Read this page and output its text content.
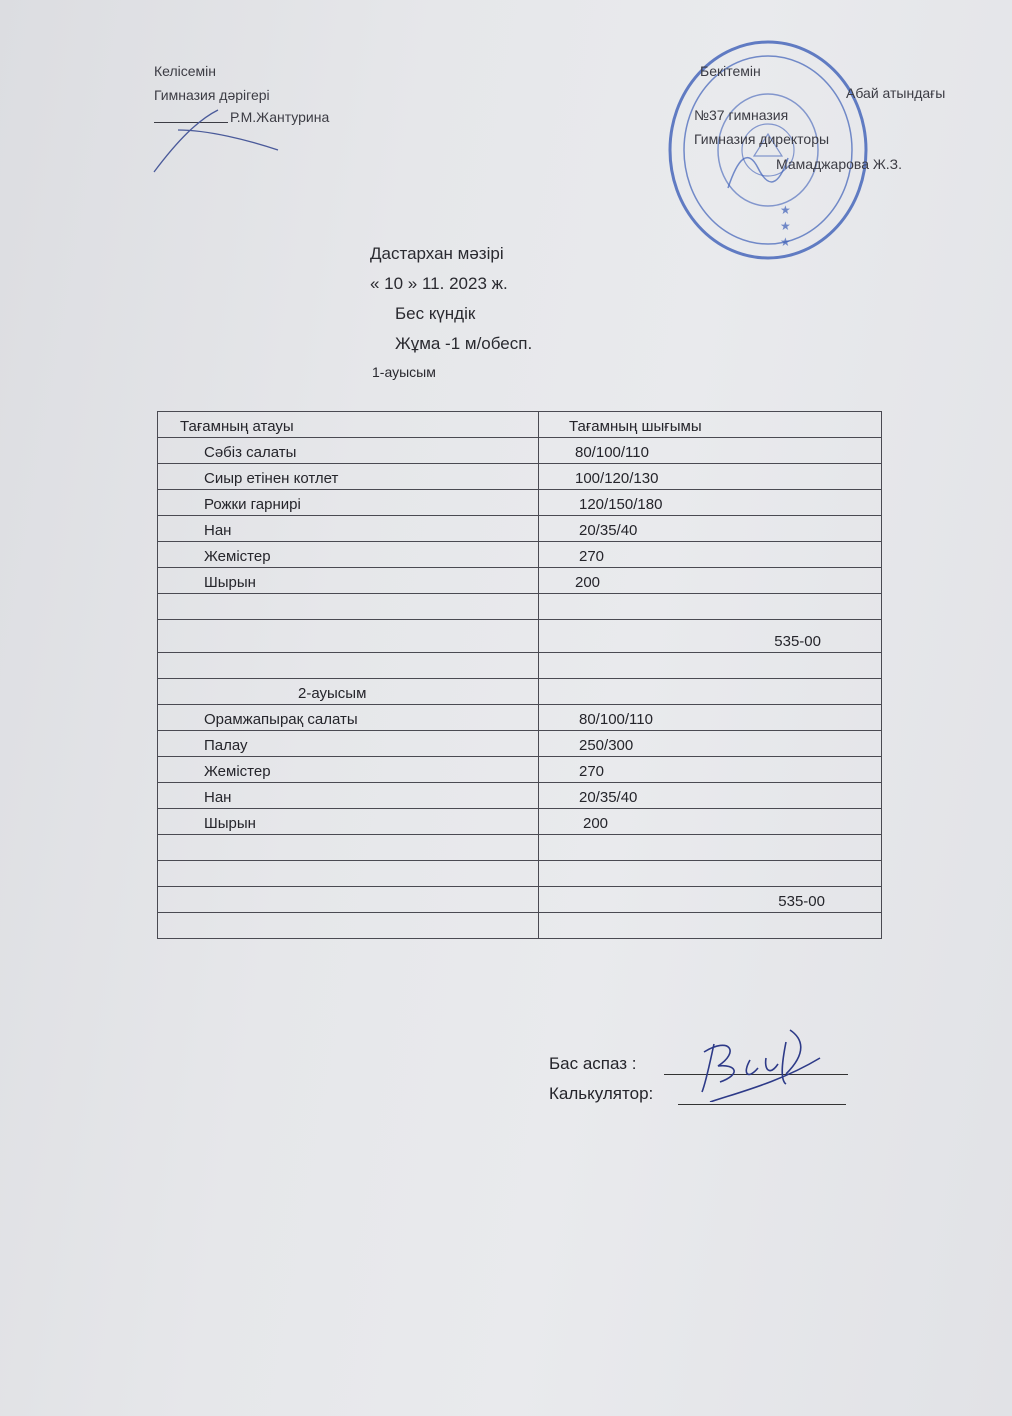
Келісемін
Гимназия дәрігері
Р.М.Жантурина
★
★
★
Бекітемін
Абай атындағы
№37 гимназия
Гимназия директоры
Мамаджарова Ж.З.
Дастархан мәзірі
« 10 » 11. 2023 ж.
Бес күндік
Жұма -1 м/обесп.
1-ауысым
Тағамның атауы	Тағамның шығымы

Сәбіз салаты	80/100/110

Сиыр етінен котлет	100/120/130

Рожки гарнирі	120/150/180

Нан	20/35/40

Жемістер	270

Шырын	200

	535-00

2-ауысым	

Орамжапырақ салаты	80/100/110

Палау	250/300

Жемістер	270

Нан	20/35/40

Шырын	200

	535-00

Бас аспаз :
Калькулятор:
